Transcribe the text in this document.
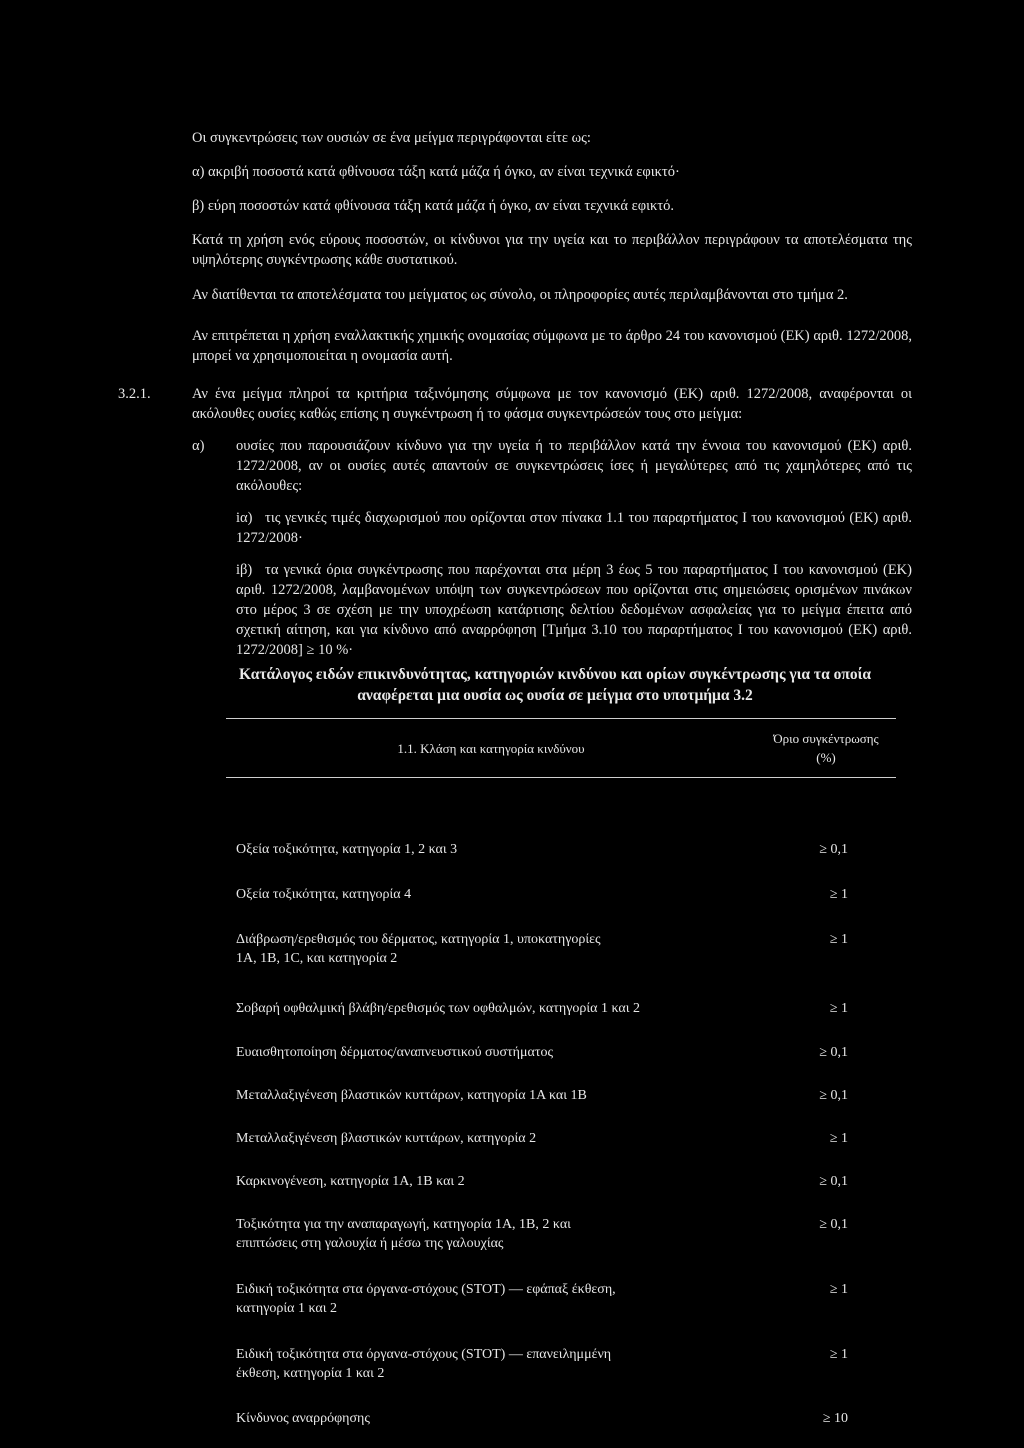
Οι συγκεντρώσεις των ουσιών σε ένα μείγμα περιγράφονται είτε ως:

α) ακριβή ποσοστά κατά φθίνουσα τάξη κατά μάζα ή όγκο, αν είναι τεχνικά εφικτό·

β) εύρη ποσοστών κατά φθίνουσα τάξη κατά μάζα ή όγκο, αν είναι τεχνικά εφικτό.

Κατά τη χρήση ενός εύρους ποσοστών, οι κίνδυνοι για την υγεία και το περιβάλλον περιγράφουν τα αποτελέσματα της υψηλότερης συγκέντρωσης κάθε συστατικού.

Αν διατίθενται τα αποτελέσματα του μείγματος ως σύνολο, οι πληροφορίες αυτές περιλαμβάνονται στο τμήμα 2.

Αν επιτρέπεται η χρήση εναλλακτικής χημικής ονομασίας σύμφωνα με το άρθρο 24 του κανονισμού (ΕΚ) αριθ. 1272/2008, μπορεί να χρησιμοποιείται η ονομασία αυτή.

3.2.1.	Αν ένα μείγμα πληροί τα κριτήρια ταξινόμησης σύμφωνα με τον κανονισμό (ΕΚ) αριθ. 1272/2008, αναφέρονται οι ακόλουθες ουσίες καθώς επίσης η συγκέντρωση ή το φάσμα συγκεντρώσεών τους στο μείγμα:

α) ουσίες που παρουσιάζουν κίνδυνο για την υγεία ή το περιβάλλον κατά την έννοια του κανονισμού (ΕΚ) αριθ. 1272/2008, αν οι ουσίες αυτές απαντούν σε συγκεντρώσεις ίσες ή μεγαλύτερες από τις χαμηλότερες από τις ακόλουθες:

iα) τις γενικές τιμές διαχωρισμού που ορίζονται στον πίνακα 1.1 του παραρτήματος I του κανονισμού (ΕΚ) αριθ. 1272/2008·

iβ) τα γενικά όρια συγκέντρωσης που παρέχονται στα μέρη 3 έως 5 του παραρτήματος I του κανονισμού (ΕΚ) αριθ. 1272/2008, λαμβανομένων υπόψη των συγκεντρώσεων που ορίζονται στις σημειώσεις ορισμένων πινάκων στο μέρος 3 σε σχέση με την υποχρέωση κατάρτισης δελτίου δεδομένων ασφαλείας για το μείγμα έπειτα από σχετική αίτηση, και για κίνδυνο από αναρρόφηση [Τμήμα 3.10 του παραρτήματος I του κανονισμού (ΕΚ) αριθ. 1272/2008] ≥ 10 %·

Κατάλογος ειδών επικινδυνότητας, κατηγοριών κινδύνου και ορίων συγκέντρωσης για τα οποία
αναφέρεται μια ουσία ως ουσία σε μείγμα στο υποτμήμα 3.2
1.1. Κλάση και κατηγορία κινδύνου	Όριο συγκέντρωσης
(%)

Οξεία τοξικότητα, κατηγορία 1, 2 και 3	≥ 0,1
Οξεία τοξικότητα, κατηγορία 4	≥ 1
Διάβρωση/ερεθισμός του δέρματος, κατηγορία 1, υποκατηγορίες 1Α, 1Β, 1C, και κατηγορία 2	≥ 1
Σοβαρή οφθαλμική βλάβη/ερεθισμός των οφθαλμών, κατηγορία 1 και 2	≥ 1
Ευαισθητοποίηση δέρματος/αναπνευστικού συστήματος	≥ 0,1
Μεταλλαξιγένεση βλαστικών κυττάρων, κατηγορία 1Α και 1Β	≥ 0,1
Μεταλλαξιγένεση βλαστικών κυττάρων, κατηγορία 2	≥ 1
Καρκινογένεση, κατηγορία 1Α, 1Β και 2	≥ 0,1
Τοξικότητα για την αναπαραγωγή, κατηγορία 1Α, 1Β, 2 και επιπτώσεις στη γαλουχία ή μέσω της γαλουχίας	≥ 0,1
Ειδική τοξικότητα στα όργανα-στόχους (STOT) — εφάπαξ έκθεση, κατηγορία 1 και 2	≥ 1
Ειδική τοξικότητα στα όργανα-στόχους (STOT) — επανειλημμένη έκθεση, κατηγορία 1 και 2	≥ 1
Κίνδυνος αναρρόφησης	≥ 10
